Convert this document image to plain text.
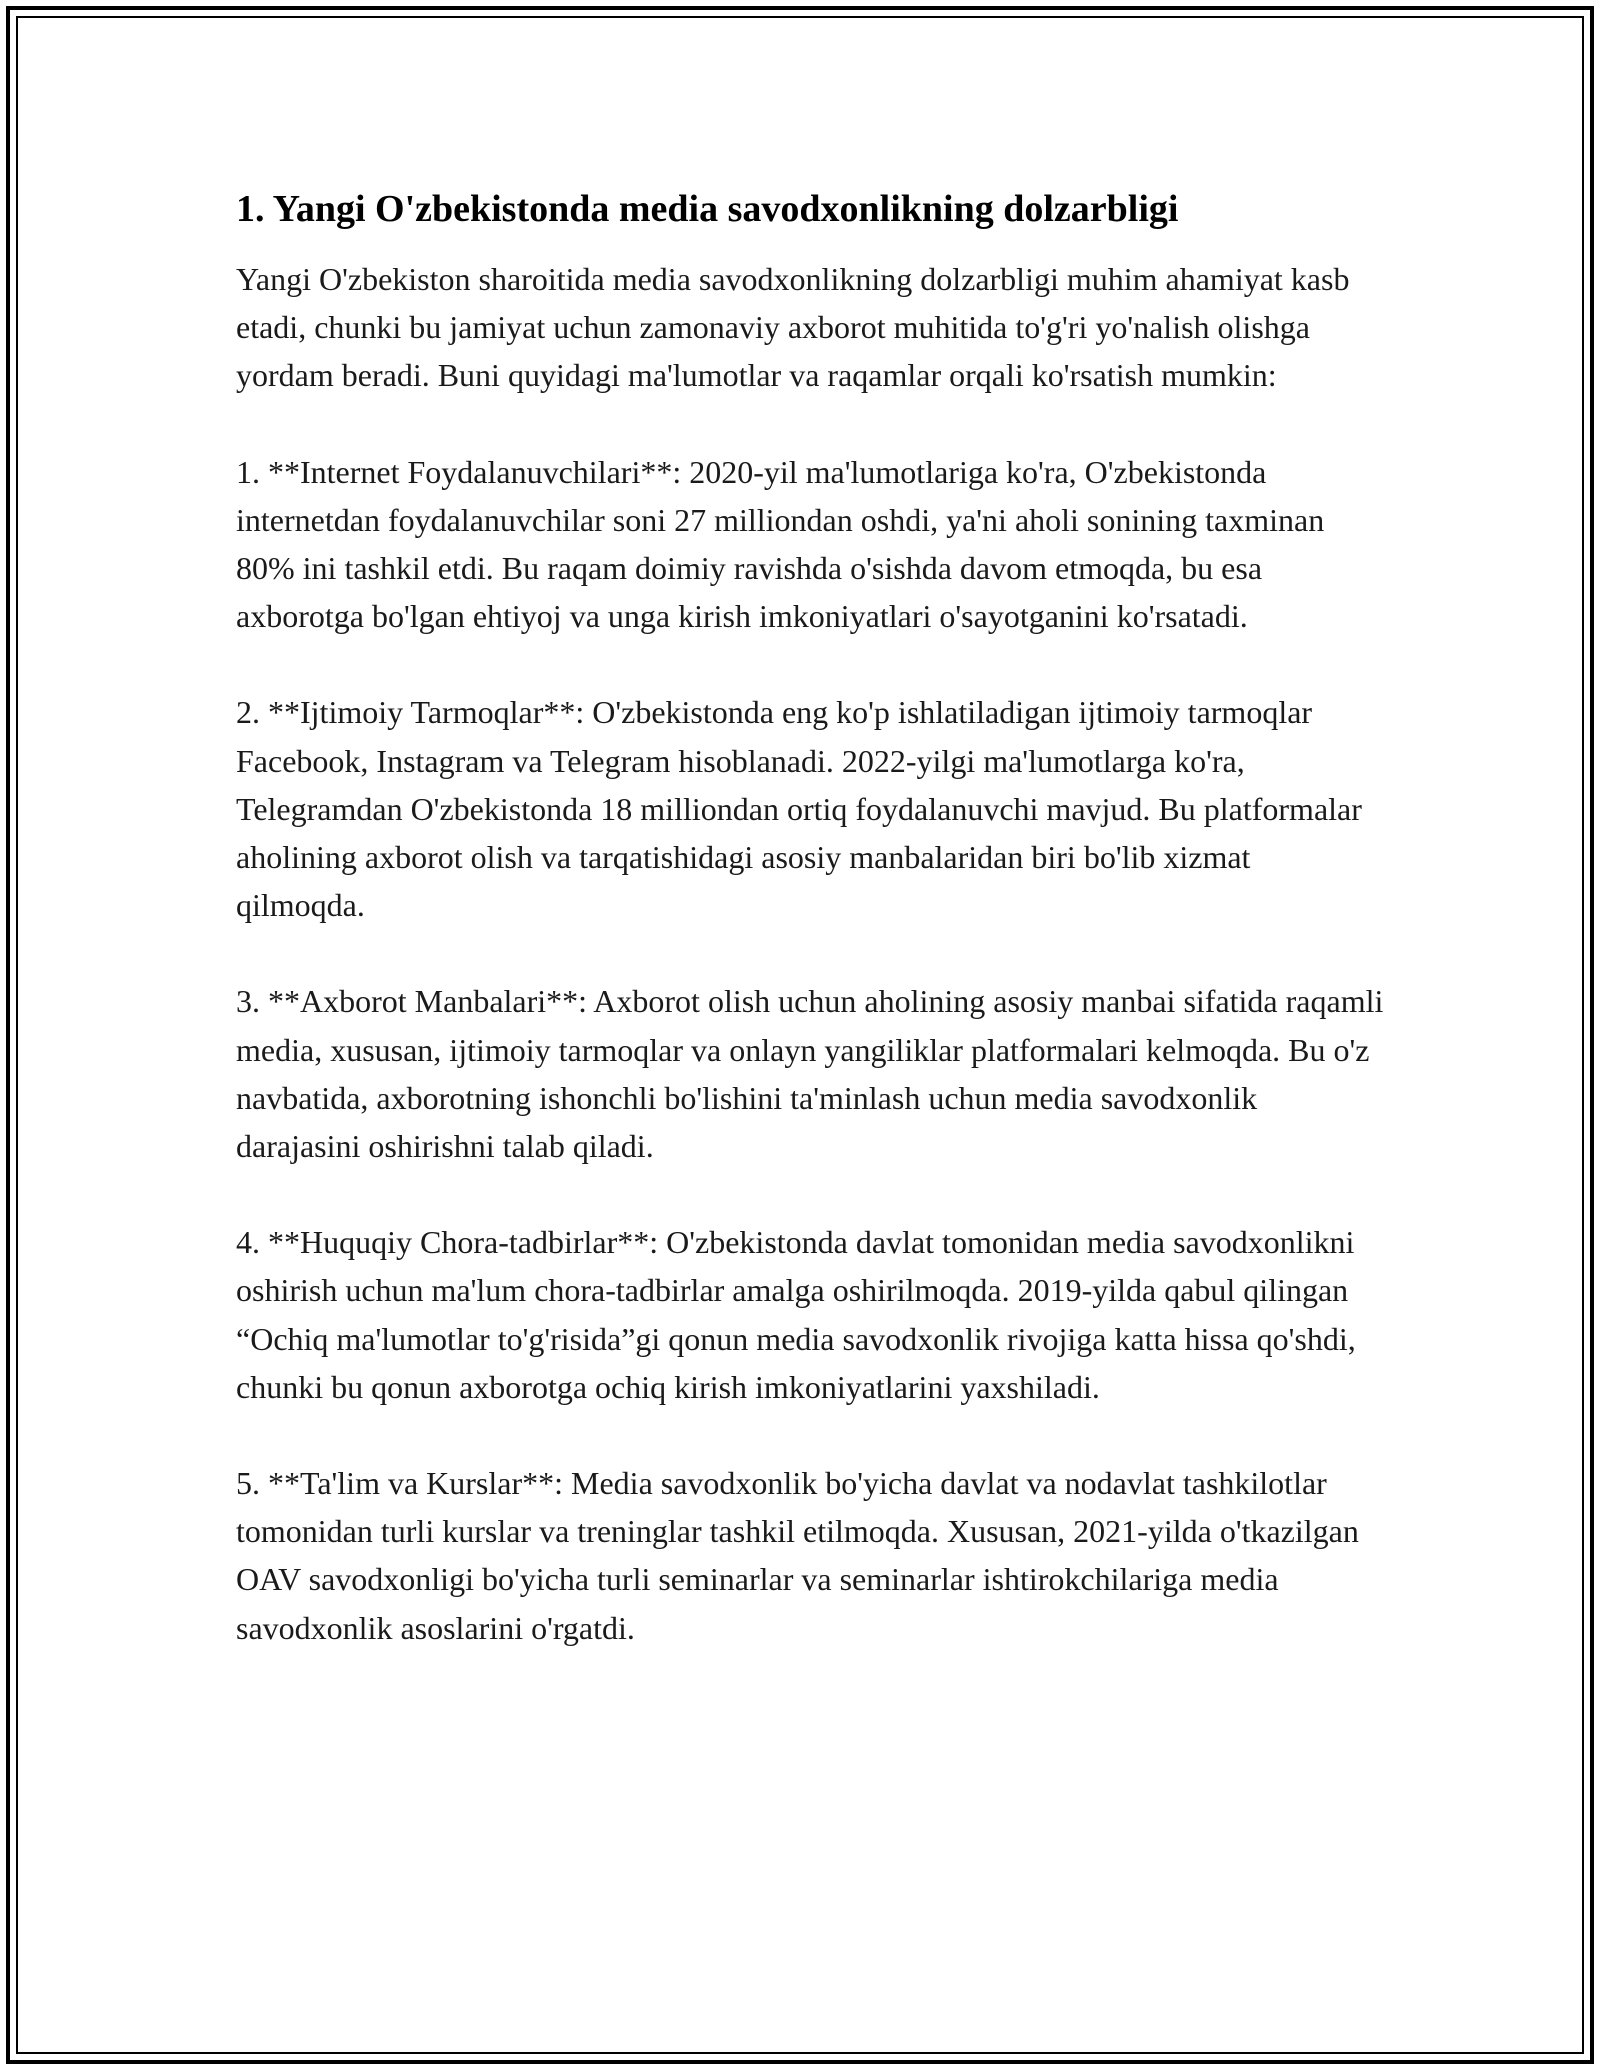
1. Yangi O'zbekistonda media savodxonlikning dolzarbligi

Yangi O'zbekiston sharoitida media savodxonlikning dolzarbligi muhim ahamiyat kasb etadi, chunki bu jamiyat uchun zamonaviy axborot muhitida to'g'ri yo'nalish olishga yordam beradi. Buni quyidagi ma'lumotlar va raqamlar orqali ko'rsatish mumkin:

1. **Internet Foydalanuvchilari**: 2020-yil ma'lumotlariga ko'ra, O'zbekistonda internetdan foydalanuvchilar soni 27 milliondan oshdi, ya'ni aholi sonining taxminan 80% ini tashkil etdi. Bu raqam doimiy ravishda o'sishda davom etmoqda, bu esa axborotga bo'lgan ehtiyoj va unga kirish imkoniyatlari o'sayotganini ko'rsatadi.

2. **Ijtimoiy Tarmoqlar**: O'zbekistonda eng ko'p ishlatiladigan ijtimoiy tarmoqlar Facebook, Instagram va Telegram hisoblanadi. 2022-yilgi ma'lumotlarga ko'ra, Telegramdan O'zbekistonda 18 milliondan ortiq foydalanuvchi mavjud. Bu platformalar aholining axborot olish va tarqatishidagi asosiy manbalaridan biri bo'lib xizmat qilmoqda.

3. **Axborot Manbalari**: Axborot olish uchun aholining asosiy manbai sifatida raqamli media, xususan, ijtimoiy tarmoqlar va onlayn yangiliklar platformalari kelmoqda. Bu o'z navbatida, axborotning ishonchli bo'lishini ta'minlash uchun media savodxonlik darajasini oshirishni talab qiladi.

4. **Huquqiy Chora-tadbirlar**: O'zbekistonda davlat tomonidan media savodxonlikni oshirish uchun ma'lum chora-tadbirlar amalga oshirilmoqda. 2019-yilda qabul qilingan “Ochiq ma'lumotlar to'g'risida”gi qonun media savodxonlik rivojiga katta hissa qo'shdi, chunki bu qonun axborotga ochiq kirish imkoniyatlarini yaxshiladi.

5. **Ta'lim va Kurslar**: Media savodxonlik bo'yicha davlat va nodavlat tashkilotlar tomonidan turli kurslar va treninglar tashkil etilmoqda. Xususan, 2021-yilda o'tkazilgan OAV savodxonligi bo'yicha turli seminarlar va seminarlar ishtirokchilariga media savodxonlik asoslarini o'rgatdi.
